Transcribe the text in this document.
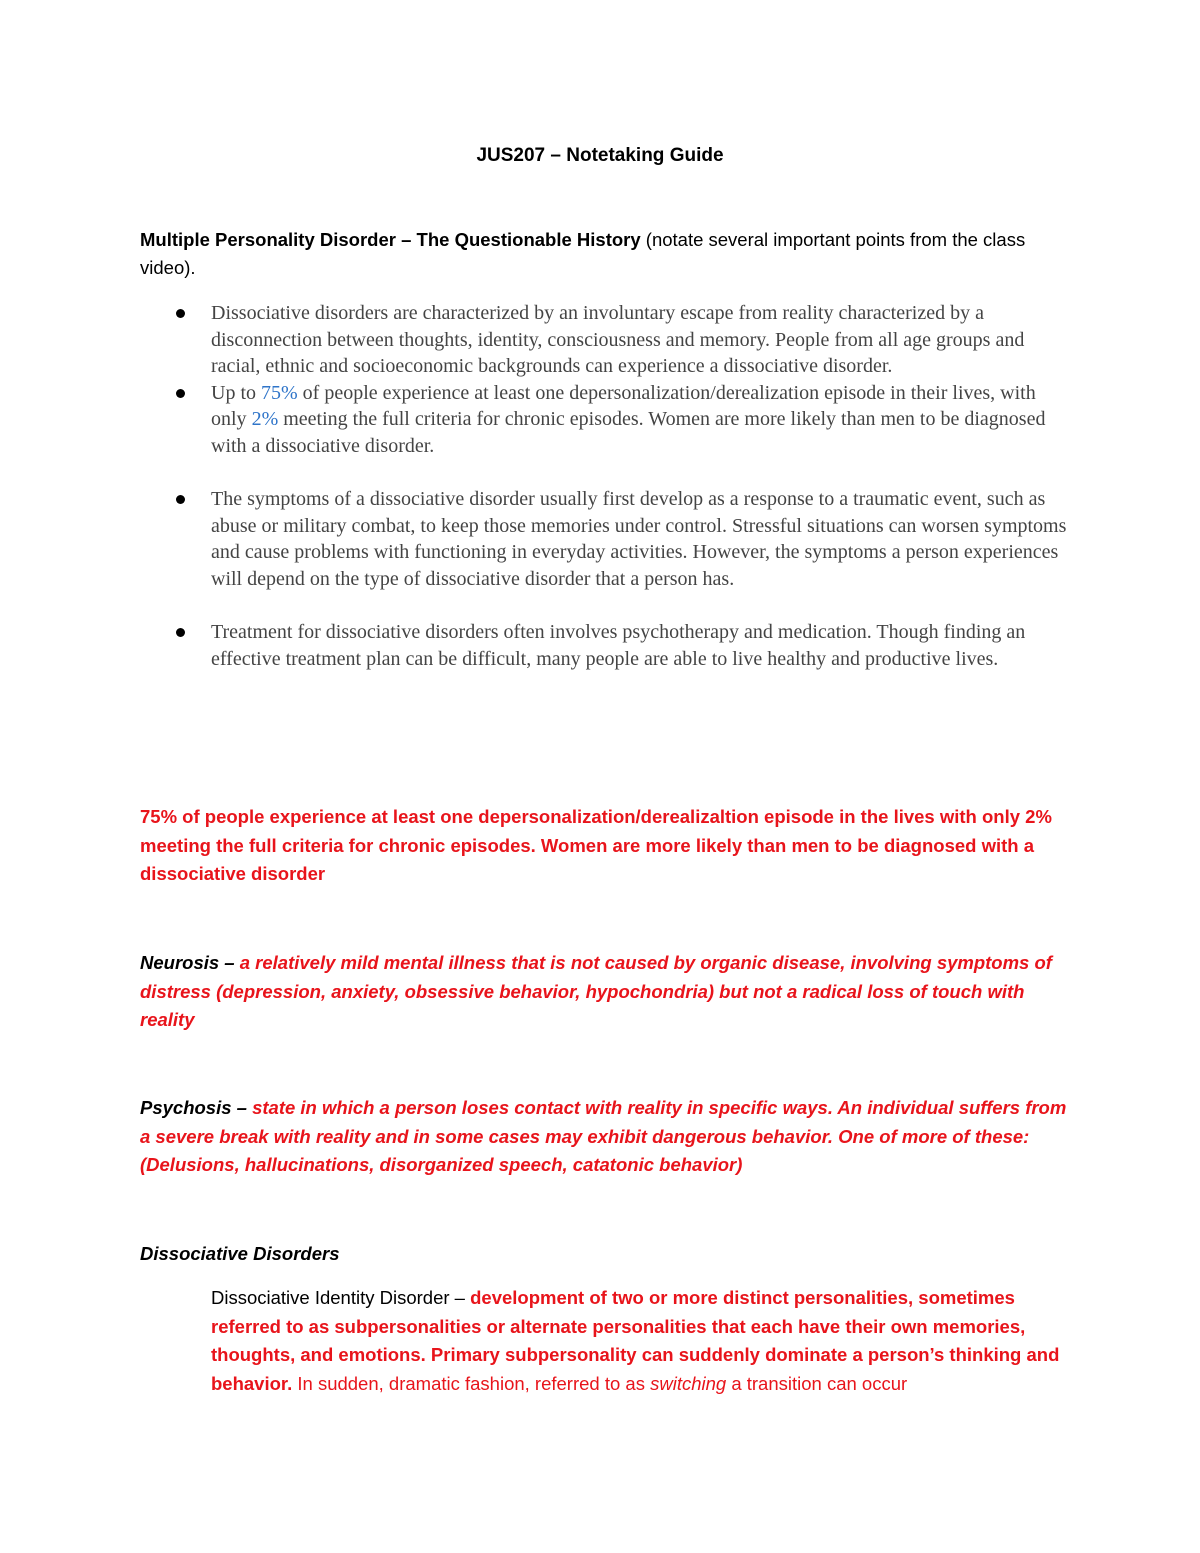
JUS207 – Notetaking Guide
Multiple Personality Disorder – The Questionable History (notate several important points from the class video).
Dissociative disorders are characterized by an involuntary escape from reality characterized by a disconnection between thoughts, identity, consciousness and memory. People from all age groups and racial, ethnic and socioeconomic backgrounds can experience a dissociative disorder.
Up to 75% of people experience at least one depersonalization/derealization episode in their lives, with only 2% meeting the full criteria for chronic episodes. Women are more likely than men to be diagnosed with a dissociative disorder.
The symptoms of a dissociative disorder usually first develop as a response to a traumatic event, such as abuse or military combat, to keep those memories under control. Stressful situations can worsen symptoms and cause problems with functioning in everyday activities. However, the symptoms a person experiences will depend on the type of dissociative disorder that a person has.
Treatment for dissociative disorders often involves psychotherapy and medication. Though finding an effective treatment plan can be difficult, many people are able to live healthy and productive lives.
75% of people experience at least one depersonalization/derealizaltion episode in the lives with only 2% meeting the full criteria for chronic episodes. Women are more likely than men to be diagnosed with a dissociative disorder
Neurosis – a relatively mild mental illness that is not caused by organic disease, involving symptoms of distress (depression, anxiety, obsessive behavior, hypochondria) but not a radical loss of touch with reality
Psychosis – state in which a person loses contact with reality in specific ways. An individual suffers from a severe break with reality and in some cases may exhibit dangerous behavior. One of more of these: (Delusions, hallucinations, disorganized speech, catatonic behavior)
Dissociative Disorders
Dissociative Identity Disorder – development of two or more distinct personalities, sometimes referred to as subpersonalities or alternate personalities that each have their own memories, thoughts, and emotions. Primary subpersonality can suddenly dominate a person’s thinking and behavior. In sudden, dramatic fashion, referred to as switching a transition can occur
